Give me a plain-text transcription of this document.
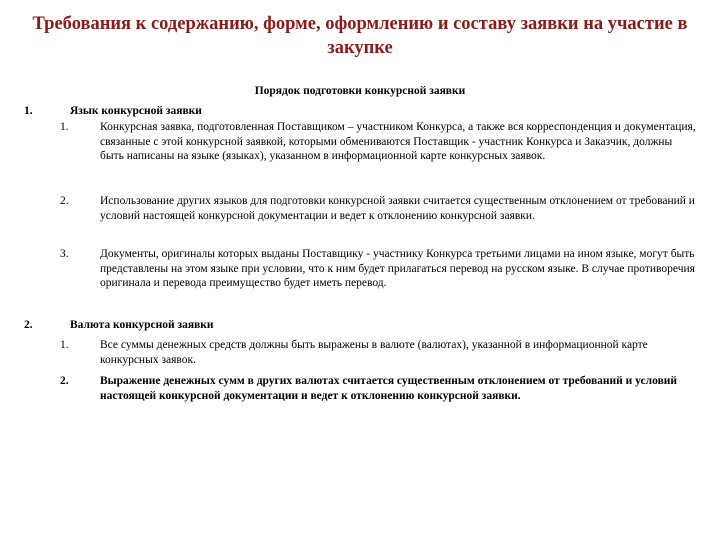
Требования к содержанию, форме, оформлению и составу заявки на участие в закупке
Порядок подготовки конкурсной заявки
1.	Язык конкурсной заявки
1.	Конкурсная заявка, подготовленная Поставщиком – участником Конкурса, а также вся корреспонденция и документация, связанные с этой конкурсной заявкой, которыми обмениваются Поставщик - участник Конкурса и Заказчик, должны быть написаны на языке (языках), указанном в информационной карте конкурсных заявок.
2.	Использование других языков для подготовки конкурсной заявки считается существенным отклонением от требований и условий настоящей конкурсной документации и ведет к отклонению конкурсной заявки.
3.	Документы, оригиналы которых выданы Поставщику - участнику Конкурса третьими лицами на ином языке, могут быть представлены на этом языке при условии, что к ним будет прилагаться перевод на русском языке. В случае противоречия оригинала и перевода преимущество будет иметь перевод.
2.	Валюта конкурсной заявки
1.	Все суммы денежных средств должны быть выражены в валюте (валютах), указанной в информационной карте конкурсных заявок.
2.	Выражение денежных сумм в других валютах считается существенным отклонением от требований и условий настоящей конкурсной документации и ведет к отклонению конкурсной заявки.
